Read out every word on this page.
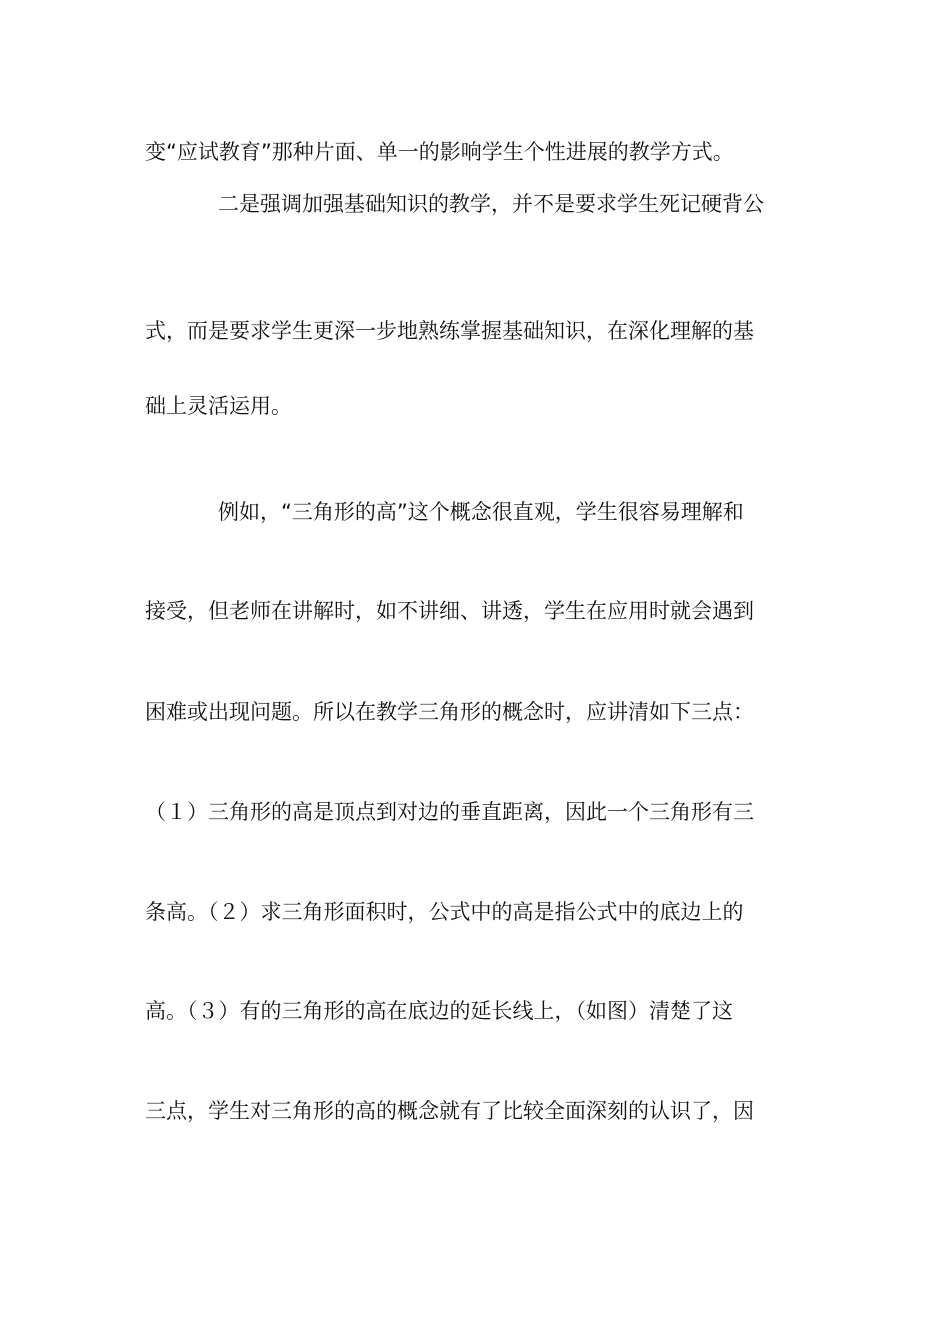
变“应试教育”那种片面、单一的影响学生个性进展的教学方式。
二是强调加强基础知识的教学，并不是要求学生死记硬背公
式，而是要求学生更深一步地熟练掌握基础知识，在深化理解的基
础上灵活运用。
例如，“三角形的高”这个概念很直观，学生很容易理解和
接受，但老师在讲解时，如不讲细、讲透，学生在应用时就会遇到
困难或出现问题。所以在教学三角形的概念时，应讲清如下三点：
（１）三角形的高是顶点到对边的垂直距离，因此一个三角形有三
条高。（２）求三角形面积时，公式中的高是指公式中的底边上的
高。（３）有的三角形的高在底边的延长线上，（如图）清楚了这
三点，学生对三角形的高的概念就有了比较全面深刻的认识了，因
